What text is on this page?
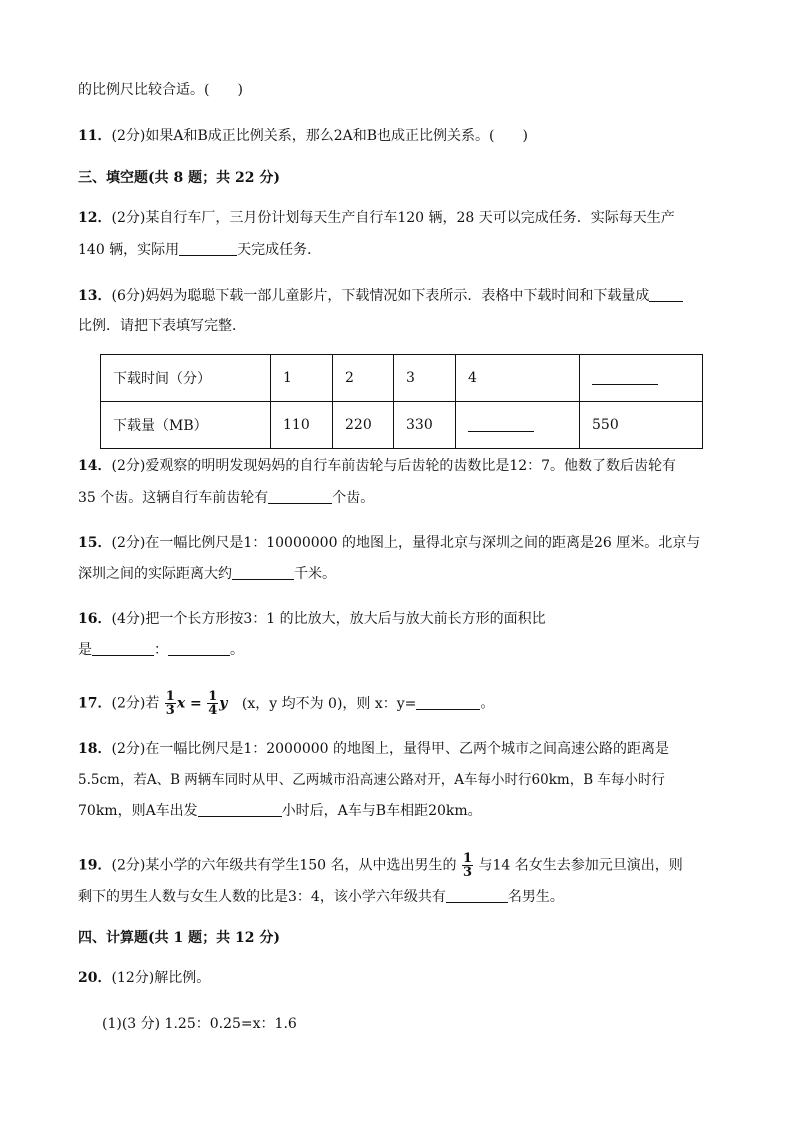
的比例尺比较合适。(　　)
11．(2分)如果A和B成正比例关系，那么2A和B也成正比例关系。(　　)
三、填空题(共 8 题；共 22 分)
12．(2分)某自行车厂，三月份计划每天生产自行车120 辆，28 天可以完成任务．实际每天生产
140 辆，实际用	天完成任务．
13．(6分)妈妈为聪聪下载一部儿童影片，下载情况如下表所示．表格中下载时间和下载量成
比例．请把下表填写完整．
下载时间（分）	1	2	3	4	
下载量（MB）	110	220	330		550
14．(2分)爱观察的明明发现妈妈的自行车前齿轮与后齿轮的齿数比是12：7。他数了数后齿轮有
35 个齿。这辆自行车前齿轮有	个齿。
15．(2分)在一幅比例尺是1：10000000 的地图上，量得北京与深圳之间的距离是26 厘米。北京与
深圳之间的实际距离大约	千米。
16．(4分)把一个长方形按3：1 的比放大，放大后与放大前长方形的面积比
是	：	。
17．(2分)若 $\frac{1}{3}$ $x = \frac{1}{4}$ y (x，y 均不为 0)，则 x：y=	。
18．(2分)在一幅比例尺是1：2000000 的地图上，量得甲、乙两个城市之间高速公路的距离是
5.5cm，若A、B 两辆车同时从甲、乙两城市沿高速公路对开，A车每小时行60km，B 车每小时行
70km，则A车出发	小时后，A车与B车相距20km。
19．(2分)某小学的六年级共有学生150 名，从中选出男生的 $\frac{1}{3}$ 与14 名女生去参加元旦演出，则
剩下的男生人数与女生人数的比是3：4，该小学六年级共有	名男生。
四、计算题(共 1 题；共 12 分)
20．(12分)解比例。
(1)(3 分) 1.25：0.25=x：1.6
